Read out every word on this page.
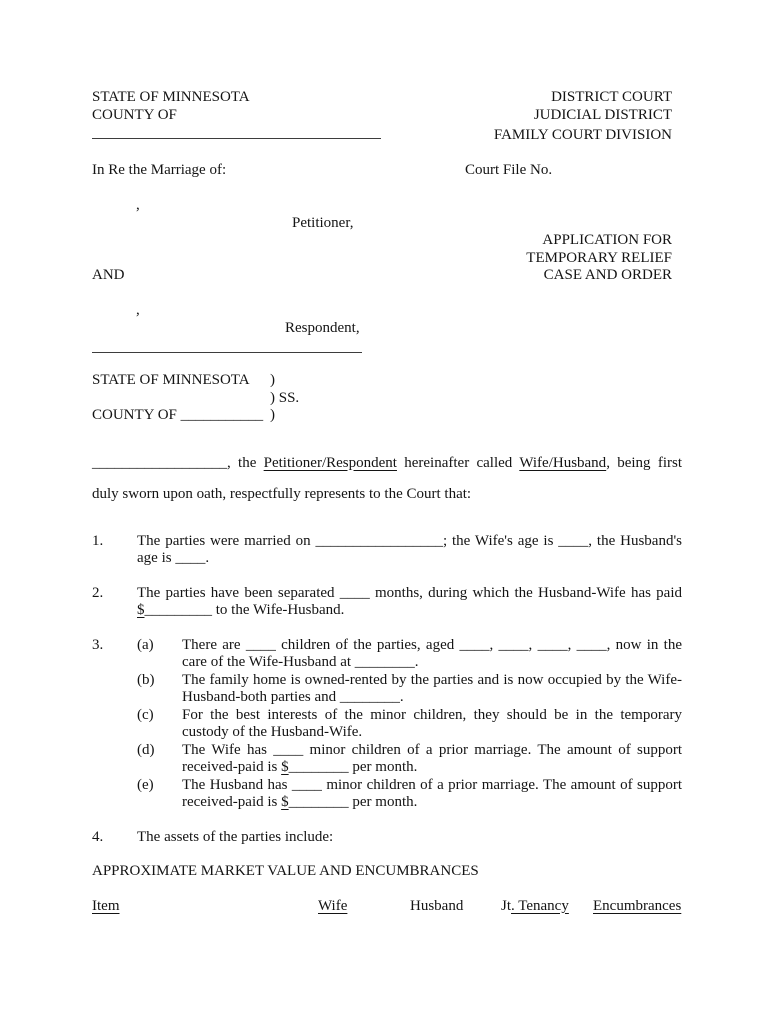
STATE OF MINNESOTA	DISTRICT COURT
COUNTY OF	JUDICIAL DISTRICT
FAMILY COURT DIVISION
In Re the Marriage of:	Court File No.
,
Petitioner,
APPLICATION FOR
TEMPORARY RELIEF
AND	CASE AND ORDER
,
Respondent,
STATE OF MINNESOTA	)
) SS.
COUNTY OF ___________ )

__________________, the Petitioner/Respondent hereinafter called Wife/Husband, being first duly sworn upon oath, respectfully represents to the Court that:

1. The parties were married on _________________; the Wife's age is ____, the Husband's age is ____.
2. The parties have been separated ____ months, during which the Husband-Wife has paid $_________ to the Wife-Husband.
3. (a) There are ____ children of the parties, aged ____, ____, ____, ____, now in the care of the Wife-Husband at ________.
(b) The family home is owned-rented by the parties and is now occupied by the Wife-Husband-both parties and ________.
(c) For the best interests of the minor children, they should be in the temporary custody of the Husband-Wife.
(d) The Wife has ____ minor children of a prior marriage. The amount of support received-paid is $________ per month.
(e) The Husband has ____ minor children of a prior marriage. The amount of support received-paid is $________ per month.
4. The assets of the parties include:
APPROXIMATE MARKET VALUE AND ENCUMBRANCES
Item	Wife	Husband	Jt. Tenancy Encumbrances
